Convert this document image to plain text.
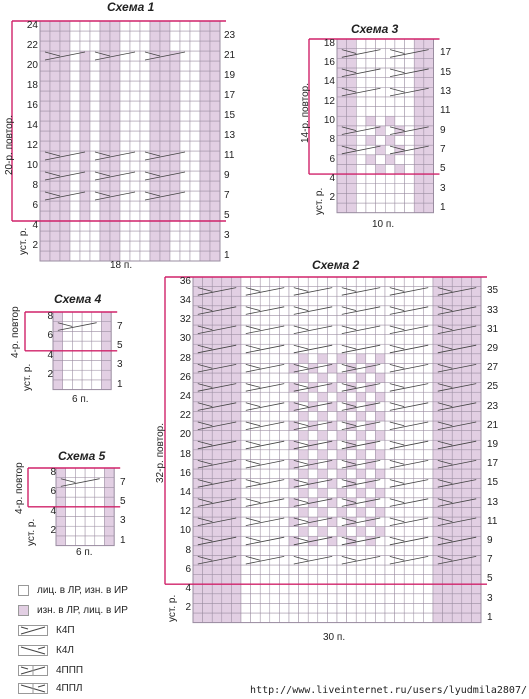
Схема 1
20-р. повтор.
уст. р.
18 п.
24
22
20
18
16
14
12
10
8
6
4
2
23
21
19
17
15
13
11
9
7
5
3
1
Схема 3
14-р. повтор.
уст. р.
10 п.
18
16
14
12
10
8
6
4
2
17
15
13
11
9
7
5
3
1
Схема 2
32-р. повтор.
уст. р.
30 п.
36
34
32
30
28
26
24
22
20
18
16
14
12
10
8
6
4
2
35
33
31
29
27
25
23
21
19
17
15
13
11
9
7
5
3
1
Схема 4
4-р. повтор
уст. р.
6 п.
8
6
4
2
7
5
3
1
Схема 5
4-р. повтор
уст. р.
6 п.
8
6
4
2
7
5
3
1
лиц. в ЛР, изн. в ИР
изн. в ЛР, лиц. в ИР
К4П
К4Л
4ППП
4ППЛ	http://www.liveinternet.ru/users/lyudmila2807/
